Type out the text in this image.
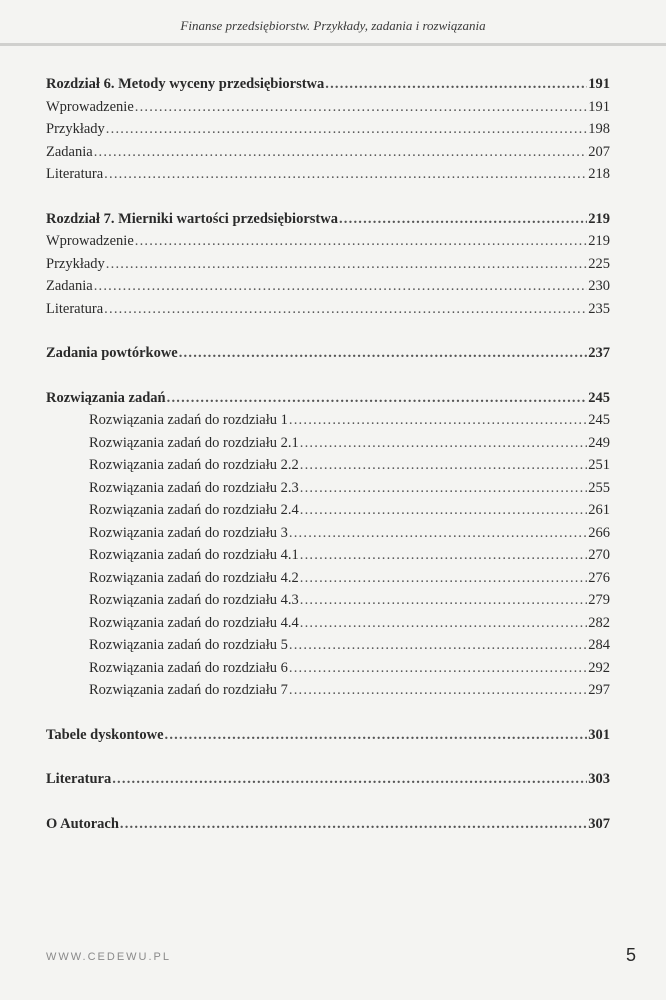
Finanse przedsiębiorstw. Przykłady, zadania i rozwiązania
Rozdział 6. Metody wyceny przedsiębiorstwa .....	191
Wprowadzenie .....	191
Przykłady .....	198
Zadania .....	207
Literatura .....	218
Rozdział 7. Mierniki wartości przedsiębiorstwa .....	219
Wprowadzenie .....	219
Przykłady .....	225
Zadania .....	230
Literatura .....	235
Zadania powtórkowe .....	237
Rozwiązania zadań .....	245
Rozwiązania zadań do rozdziału 1 .....	245
Rozwiązania zadań do rozdziału 2.1 .....	249
Rozwiązania zadań do rozdziału 2.2 .....	251
Rozwiązania zadań do rozdziału 2.3 .....	255
Rozwiązania zadań do rozdziału 2.4 .....	261
Rozwiązania zadań do rozdziału 3 .....	266
Rozwiązania zadań do rozdziału 4.1 .....	270
Rozwiązania zadań do rozdziału 4.2 .....	276
Rozwiązania zadań do rozdziału 4.3 .....	279
Rozwiązania zadań do rozdziału 4.4 .....	282
Rozwiązania zadań do rozdziału 5 .....	284
Rozwiązania zadań do rozdziału 6 .....	292
Rozwiązania zadań do rozdziału 7 .....	297
Tabele dyskontowe .....	301
Literatura .....	303
O Autorach .....	307
WWW.CEDEWU.PL	5
